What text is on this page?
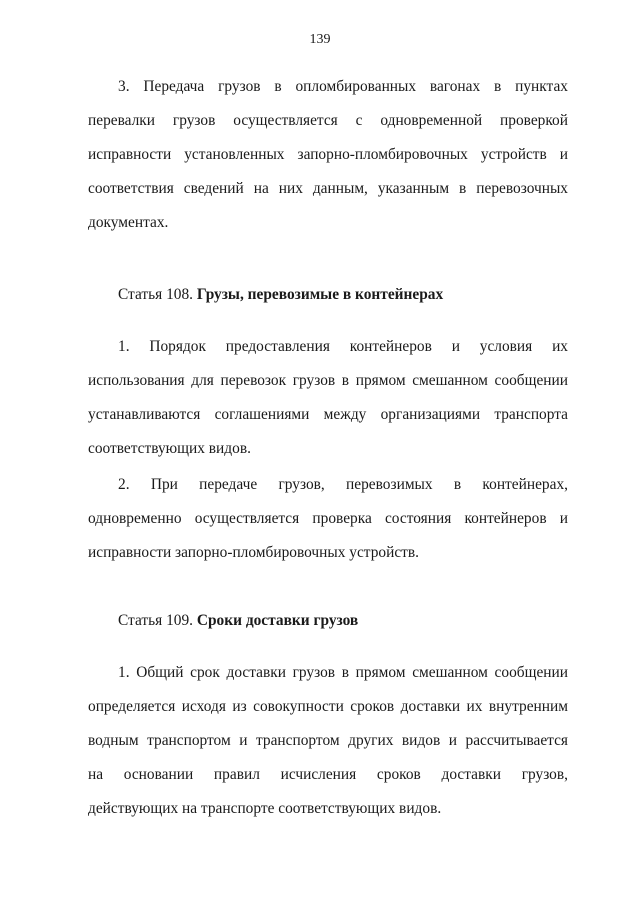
139
3. Передача грузов в опломбированных вагонах в пунктах
перевалки грузов осуществляется с одновременной проверкой
исправности установленных запорно-пломбировочных устройств и
соответствия сведений на них данным, указанным в перевозочных
документах.
Статья 108. Грузы, перевозимые в контейнерах
1. Порядок предоставления контейнеров и условия их
использования для перевозок грузов в прямом смешанном сообщении
устанавливаются соглашениями между организациями транспорта
соответствующих видов.
2. При передаче грузов, перевозимых в контейнерах,
одновременно осуществляется проверка состояния контейнеров и
исправности запорно-пломбировочных устройств.
Статья 109. Сроки доставки грузов
1. Общий срок доставки грузов в прямом смешанном сообщении
определяется исходя из совокупности сроков доставки их внутренним
водным транспортом и транспортом других видов и рассчитывается
на основании правил исчисления сроков доставки грузов,
действующих на транспорте соответствующих видов.
